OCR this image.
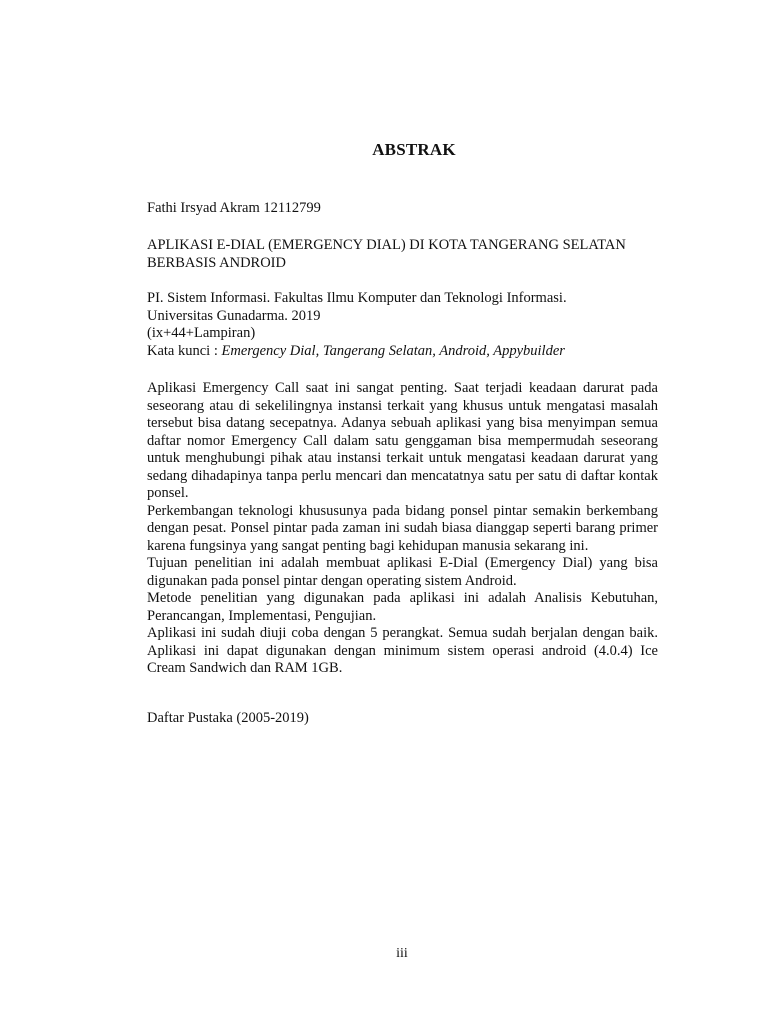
ABSTRAK
Fathi Irsyad Akram 12112799
APLIKASI E-DIAL (EMERGENCY DIAL) DI KOTA TANGERANG SELATAN BERBASIS ANDROID
PI. Sistem Informasi. Fakultas Ilmu Komputer dan Teknologi Informasi.
Universitas Gunadarma. 2019
(ix+44+Lampiran)
Kata kunci : Emergency Dial, Tangerang Selatan, Android, Appybuilder

Aplikasi Emergency Call saat ini sangat penting. Saat terjadi keadaan darurat pada seseorang atau di sekelilingnya instansi terkait yang khusus untuk mengatasi masalah tersebut bisa datang secepatnya. Adanya sebuah aplikasi yang bisa menyimpan semua daftar nomor Emergency Call dalam satu genggaman bisa mempermudah seseorang untuk menghubungi pihak atau instansi terkait untuk mengatasi keadaan darurat yang sedang dihadapinya tanpa perlu mencari dan mencatatnya satu per satu di daftar kontak ponsel.

Perkembangan teknologi khususunya pada bidang ponsel pintar semakin berkembang dengan pesat. Ponsel pintar pada zaman ini sudah biasa dianggap seperti barang primer karena fungsinya yang sangat penting bagi kehidupan manusia sekarang ini.

Tujuan penelitian ini adalah membuat aplikasi E-Dial (Emergency Dial) yang bisa digunakan pada ponsel pintar dengan operating sistem Android.

Metode penelitian yang digunakan pada aplikasi ini adalah Analisis Kebutuhan, Perancangan, Implementasi, Pengujian.

Aplikasi ini sudah diuji coba dengan 5 perangkat. Semua sudah berjalan dengan baik. Aplikasi ini dapat digunakan dengan minimum sistem operasi android (4.0.4) Ice Cream Sandwich dan RAM 1GB.

Daftar Pustaka (2005-2019)
iii
